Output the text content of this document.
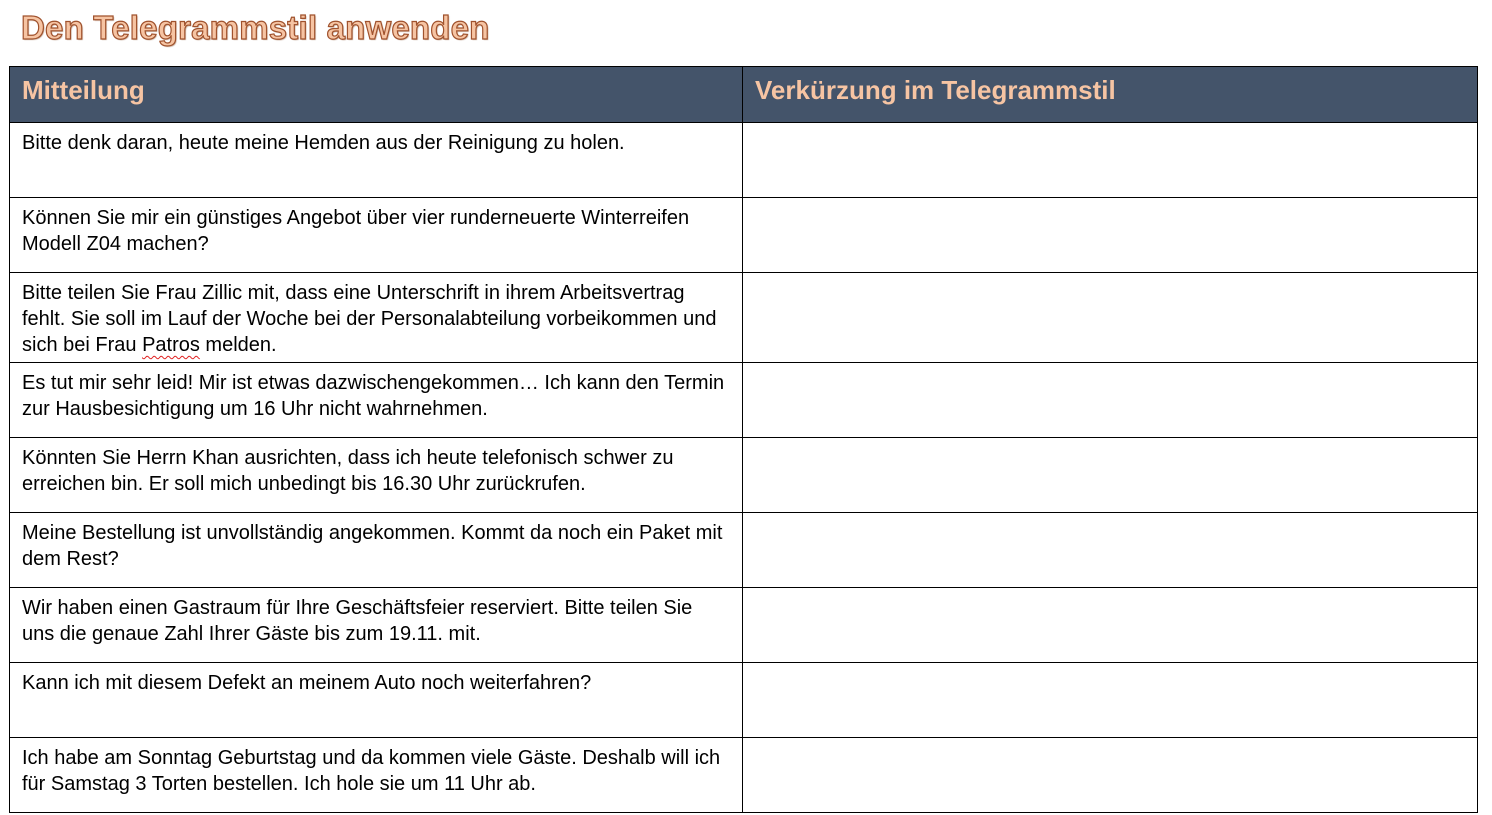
Den Telegrammstil anwenden
Mitteilung	Verkürzung im Telegrammstil
Bitte denk daran, heute meine Hemden aus der Reinigung zu holen.	
Können Sie mir ein günstiges Angebot über vier runderneuerte Winterreifen Modell Z04 machen?	
Bitte teilen Sie Frau Zillic mit, dass eine Unterschrift in ihrem Arbeitsvertrag fehlt. Sie soll im Lauf der Woche bei der Personalabteilung vorbeikommen und sich bei Frau Patros melden.	
Es tut mir sehr leid! Mir ist etwas dazwischengekommen… Ich kann den Termin zur Hausbesichtigung um 16 Uhr nicht wahrnehmen.	
Könnten Sie Herrn Khan ausrichten, dass ich heute telefonisch schwer zu erreichen bin. Er soll mich unbedingt bis 16.30 Uhr zurückrufen.	
Meine Bestellung ist unvollständig angekommen. Kommt da noch ein Paket mit dem Rest?	
Wir haben einen Gastraum für Ihre Geschäftsfeier reserviert. Bitte teilen Sie uns die genaue Zahl Ihrer Gäste bis zum 19.11. mit.	
Kann ich mit diesem Defekt an meinem Auto noch weiterfahren?	
Ich habe am Sonntag Geburtstag und da kommen viele Gäste. Deshalb will ich für Samstag 3 Torten bestellen. Ich hole sie um 11 Uhr ab.	
